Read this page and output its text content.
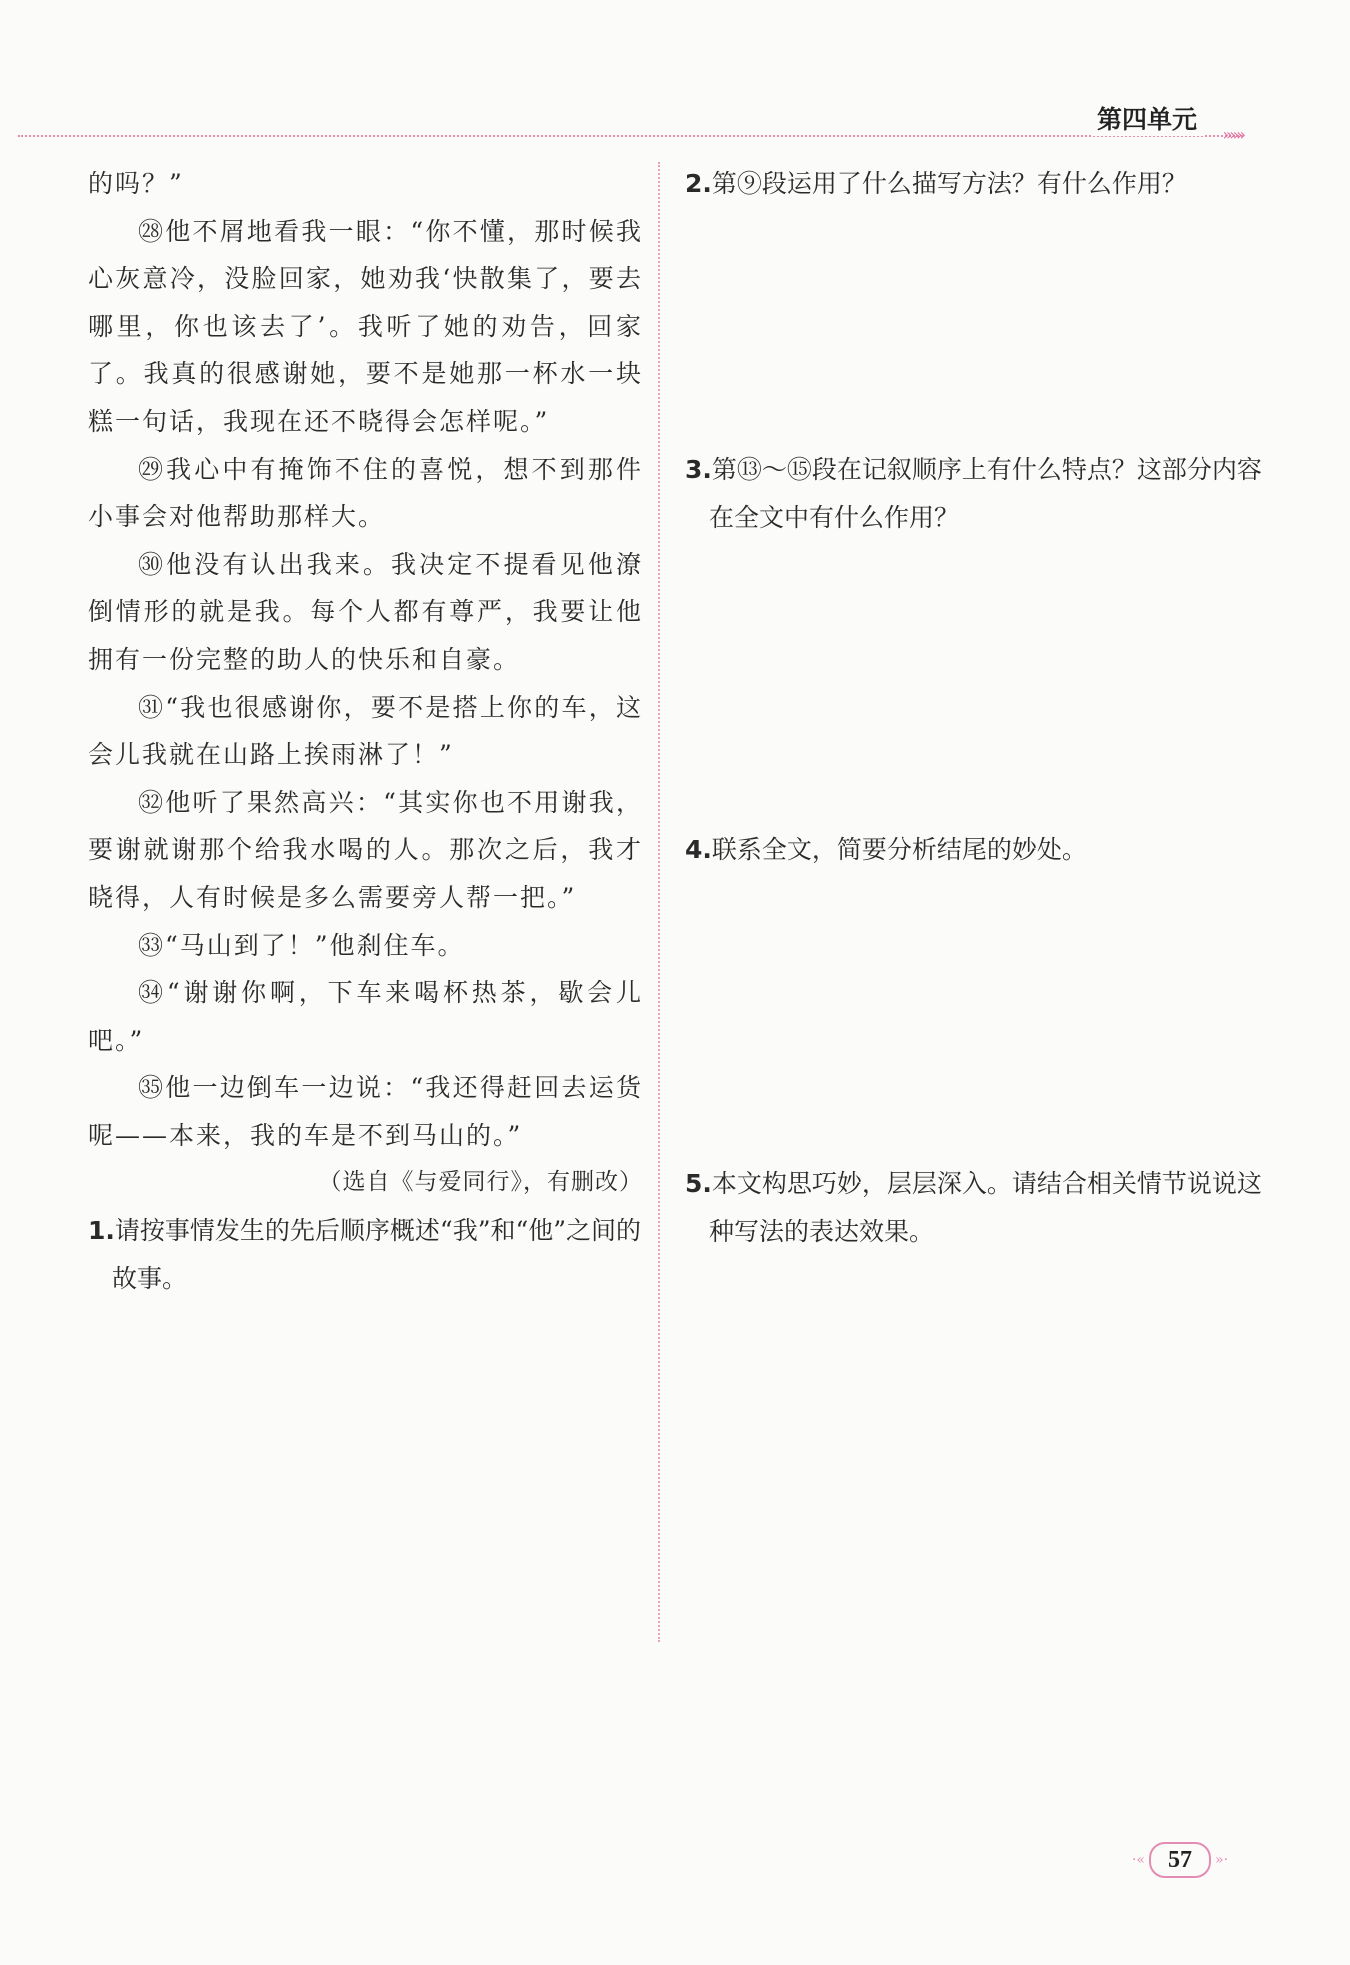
第四单元
»»»

的吗？”

㉘他不屑地看我一眼：“你不懂，那时候我心灰意冷，没脸回家，她劝我‘快散集了，要去哪里，你也该去了’。我听了她的劝告，回家了。我真的很感谢她，要不是她那一杯水一块糕一句话，我现在还不晓得会怎样呢。”

㉙我心中有掩饰不住的喜悦，想不到那件小事会对他帮助那样大。

㉚他没有认出我来。我决定不提看见他潦倒情形的就是我。每个人都有尊严，我要让他拥有一份完整的助人的快乐和自豪。

㉛“我也很感谢你，要不是搭上你的车，这会儿我就在山路上挨雨淋了！”

㉜他听了果然高兴：“其实你也不用谢我，要谢就谢那个给我水喝的人。那次之后，我才晓得，人有时候是多么需要旁人帮一把。”

㉝“马山到了！”他刹住车。

㉞“谢谢你啊，下车来喝杯热茶，歇会儿吧。”

㉟他一边倒车一边说：“我还得赶回去运货呢——本来，我的车是不到马山的。”

（选自《与爱同行》，有删改）

1.请按事情发生的先后顺序概述“我”和“他”之间的故事。
2.第⑨段运用了什么描写方法？有什么作用？
3.第⑬～⑮段在记叙顺序上有什么特点？这部分内容在全文中有什么作用？
4.联系全文，简要分析结尾的妙处。
5.本文构思巧妙，层层深入。请结合相关情节说说这种写法的表达效果。
·« 57	»·
